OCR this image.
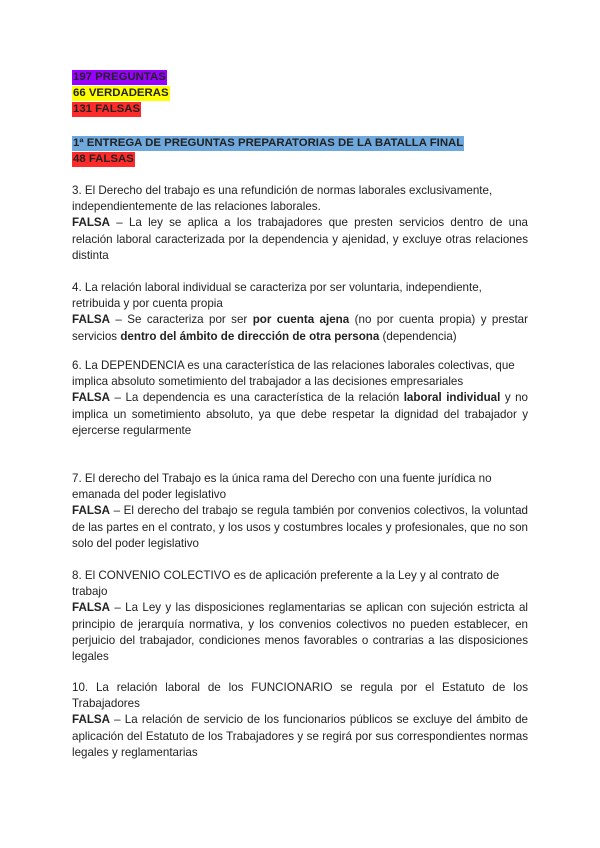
197 PREGUNTAS
66 VERDADERAS
131 FALSAS
1ª ENTREGA DE PREGUNTAS PREPARATORIAS DE LA BATALLA FINAL
48 FALSAS

3. El Derecho del trabajo es una refundición de normas laborales exclusivamente, independientemente de las relaciones laborales.

FALSA – La ley se aplica a los trabajadores que presten servicios dentro de una relación laboral caracterizada por la dependencia y ajenidad, y excluye otras relaciones distinta

4. La relación laboral individual se caracteriza por ser voluntaria, independiente, retribuida y por cuenta propia

FALSA – Se caracteriza por ser por cuenta ajena (no por cuenta propia) y prestar servicios dentro del ámbito de dirección de otra persona (dependencia)

6. La DEPENDENCIA es una característica de las relaciones laborales colectivas, que

implica absoluto sometimiento del trabajador a las decisiones empresariales

FALSA – La dependencia es una característica de la relación laboral individual y no implica un sometimiento absoluto, ya que debe respetar la dignidad del trabajador y ejercerse regularmente

7. El derecho del Trabajo es la única rama del Derecho con una fuente jurídica no emanada del poder legislativo

FALSA – El derecho del trabajo se regula también por convenios colectivos, la voluntad de las partes en el contrato, y los usos y costumbres locales y profesionales, que no son solo del poder legislativo

8. El CONVENIO COLECTIVO es de aplicación preferente a la Ley y al contrato de trabajo

FALSA – La Ley y las disposiciones reglamentarias se aplican con sujeción estricta al principio de jerarquía normativa, y los convenios colectivos no pueden establecer, en perjuicio del trabajador, condiciones menos favorables o contrarias a las disposiciones legales

10. La relación laboral de los FUNCIONARIO se regula por el Estatuto de los Trabajadores

FALSA – La relación de servicio de los funcionarios públicos se excluye del ámbito de aplicación del Estatuto de los Trabajadores y se regirá por sus correspondientes normas legales y reglamentarias
